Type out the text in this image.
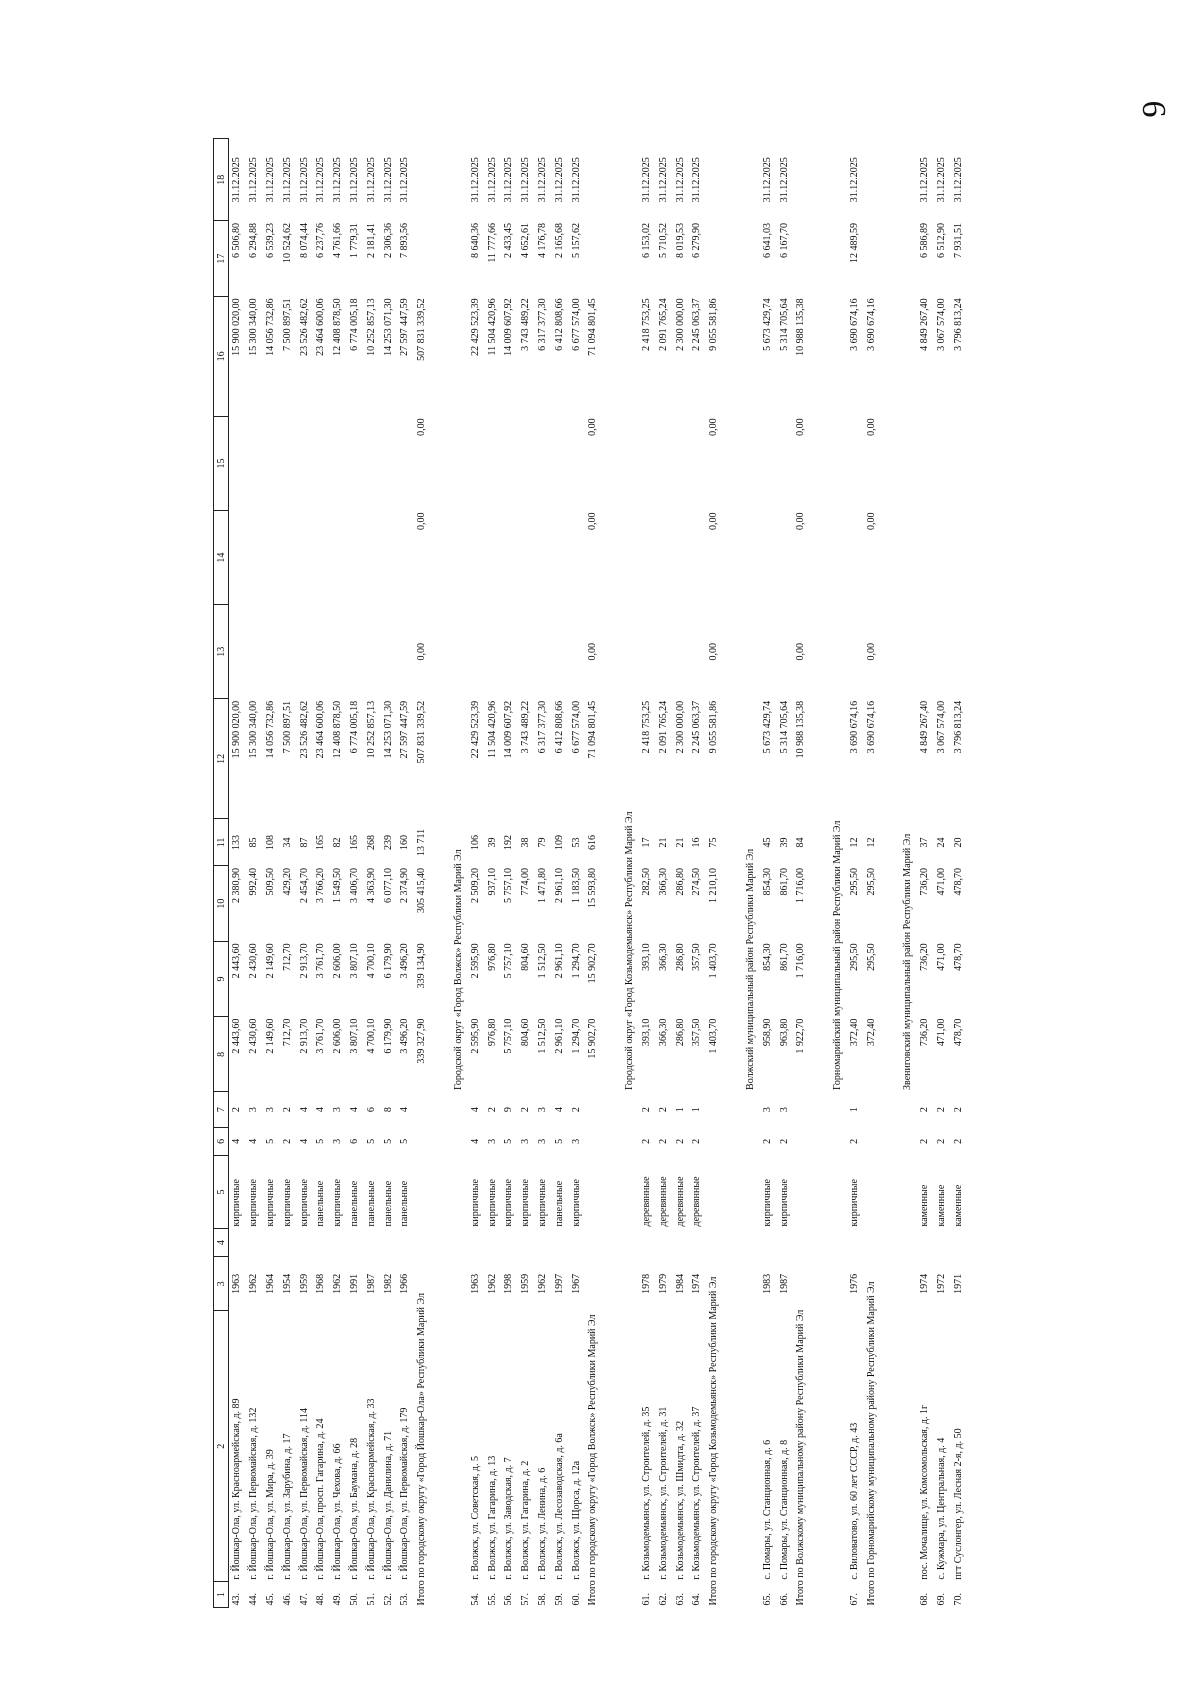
6
1	2	3	4	5	6	7	8	9	10	11	12	13	14	15	16	17	18
43.	г. Йошкар-Ола, ул. Красноармейская, д. 89	1963		кирпичные	4	2	2 443,60	2 443,60	2 380,90	133	15 900 020,00				15 900 020,00	6 506,80	31.12.2025
44.	г. Йошкар-Ола, ул. Первомайская, д. 132	1962		кирпичные	4	3	2 430,60	2 430,60	992,40	85	15 300 340,00				15 300 340,00	6 294,88	31.12.2025
45.	г. Йошкар-Ола, ул. Мира, д. 39	1964		кирпичные	5	3	2 149,60	2 149,60	509,50	108	14 056 732,86				14 056 732,86	6 539,23	31.12.2025
46.	г. Йошкар-Ола, ул. Зарубина, д. 17	1954		кирпичные	2	2	712,70	712,70	429,20	34	7 500 897,51				7 500 897,51	10 524,62	31.12.2025
47.	г. Йошкар-Ола, ул. Первомайская, д. 114	1959		кирпичные	4	4	2 913,70	2 913,70	2 454,70	87	23 526 482,62				23 526 482,62	8 074,44	31.12.2025
48.	г. Йошкар-Ола, просп. Гагарина, д. 24	1968		панельные	5	4	3 761,70	3 761,70	3 766,20	165	23 464 600,06				23 464 600,06	6 237,76	31.12.2025
49.	г. Йошкар-Ола, ул. Чехова, д. 66	1962		кирпичные	3	3	2 606,00	2 606,00	1 549,50	82	12 408 878,50				12 408 878,50	4 761,66	31.12.2025
50.	г. Йошкар-Ола, ул. Баумана, д. 28	1991		панельные	6	4	3 807,10	3 807,10	3 406,70	165	6 774 005,18				6 774 005,18	1 779,31	31.12.2025
51.	г. Йошкар-Ола, ул. Красноармейская, д. 33	1987		панельные	5	6	4 700,10	4 700,10	4 363,90	268	10 252 857,13				10 252 857,13	2 181,41	31.12.2025
52.	г. Йошкар-Ола, ул. Данилина, д. 71	1982		панельные	5	8	6 179,90	6 179,90	6 077,10	239	14 253 071,30				14 253 071,30	2 306,36	31.12.2025
53.	г. Йошкар-Ола, ул. Первомайская, д. 179	1966		панельные	5	4	3 496,20	3 496,20	2 374,90	160	27 597 447,59				27 597 447,59	7 893,56	31.12.2025
Итого по городскому округу «Город Йошкар-Ола» Республики Марий Эл							339 327,90	339 134,90	305 415,40	13 711	507 831 339,52	0,00	0,00	0,00	507 831 339,52		

							Городской округ «Город Волжск» Республики Марий Эл										
54.	г. Волжск, ул. Советская, д. 5	1963		кирпичные	4	4	2 595,90	2 595,90	2 509,20	106	22 429 523,39				22 429 523,39	8 640,36	31.12.2025
55.	г. Волжск, ул. Гагарина, д. 13	1962		кирпичные	3	2	976,80	976,80	937,10	39	11 504 420,96				11 504 420,96	11 777,66	31.12.2025
56.	г. Волжск, ул. Заводская, д. 7	1998		кирпичные	5	9	5 757,10	5 757,10	5 757,10	192	14 009 607,92				14 009 607,92	2 433,45	31.12.2025
57.	г. Волжск, ул. Гагарина, д. 2	1959		кирпичные	3	2	804,60	804,60	774,00	38	3 743 489,22				3 743 489,22	4 652,61	31.12.2025
58.	г. Волжск, ул. Ленина, д. 6	1962		кирпичные	3	3	1 512,50	1 512,50	1 471,80	79	6 317 377,30				6 317 377,30	4 176,78	31.12.2025
59.	г. Волжск, ул. Лесозаводская, д. 6а	1997		панельные	5	4	2 961,10	2 961,10	2 961,10	109	6 412 808,66				6 412 808,66	2 165,68	31.12.2025
60.	г. Волжск, ул. Щорса, д. 12а	1967		кирпичные	3	2	1 294,70	1 294,70	1 183,50	53	6 677 574,00				6 677 574,00	5 157,62	31.12.2025
Итого по городскому округу «Город Волжск» Республики Марий Эл							15 902,70	15 902,70	15 593,80	616	71 094 801,45	0,00	0,00	0,00	71 094 801,45		

							Городской округ «Город Козьмодемьянск» Республики Марий Эл										
61.	г. Козьмодемьянск, ул. Строителей, д. 35	1978		деревянные	2	2	393,10	393,10	282,50	17	2 418 753,25				2 418 753,25	6 153,02	31.12.2025
62.	г. Козьмодемьянск, ул. Строителей, д. 31	1979		деревянные	2	2	366,30	366,30	366,30	21	2 091 765,24				2 091 765,24	5 710,52	31.12.2025
63.	г. Козьмодемьянск, ул. Шмидта, д. 32	1984		деревянные	2	1	286,80	286,80	286,80	21	2 300 000,00				2 300 000,00	8 019,53	31.12.2025
64.	г. Козьмодемьянск, ул. Строителей, д. 37	1974		деревянные	2	1	357,50	357,50	274,50	16	2 245 063,37				2 245 063,37	6 279,90	31.12.2025
Итого по городскому округу «Город Козьмодемьянск» Республики Марий Эл							1 403,70	1 403,70	1 210,10	75	9 055 581,86	0,00	0,00	0,00	9 055 581,86		

							Волжский муниципальный район Республики Марий Эл										
65.	с. Помары, ул. Станционная, д. 6	1983		кирпичные	2	3	958,90	854,30	854,30	45	5 673 429,74				5 673 429,74	6 641,03	31.12.2025
66.	с. Помары, ул. Станционная, д. 8	1987		кирпичные	2	3	963,80	861,70	861,70	39	5 314 705,64				5 314 705,64	6 167,70	31.12.2025
Итого по Волжскому муниципальному району Республики Марий Эл							1 922,70	1 716,00	1 716,00	84	10 988 135,38	0,00	0,00	0,00	10 988 135,38		

							Горномарийский муниципальный район Республики Марий Эл										
67.	с. Виловатово, ул. 60 лет СССР, д. 43	1976		кирпичные	2	1	372,40	295,50	295,50	12	3 690 674,16				3 690 674,16	12 489,59	31.12.2025
Итого по Горномарийскому муниципальному району Республики Марий Эл							372,40	295,50	295,50	12	3 690 674,16	0,00	0,00	0,00	3 690 674,16		

							Звениговский муниципальный район Республики Марий Эл										
68.	пос. Мочалище, ул. Комсомольская, д. 1г	1974		каменные	2	2	736,20	736,20	736,20	37	4 849 267,40				4 849 267,40	6 586,89	31.12.2025
69.	с. Кужмара, ул. Центральная, д. 4	1972		каменные	2	2	471,00	471,00	471,00	24	3 067 574,00				3 067 574,00	6 512,90	31.12.2025
70.	пгт Суслонгер, ул. Лесная 2-я, д. 50	1971		каменные	2	2	478,70	478,70	478,70	20	3 796 813,24				3 796 813,24	7 931,51	31.12.2025
